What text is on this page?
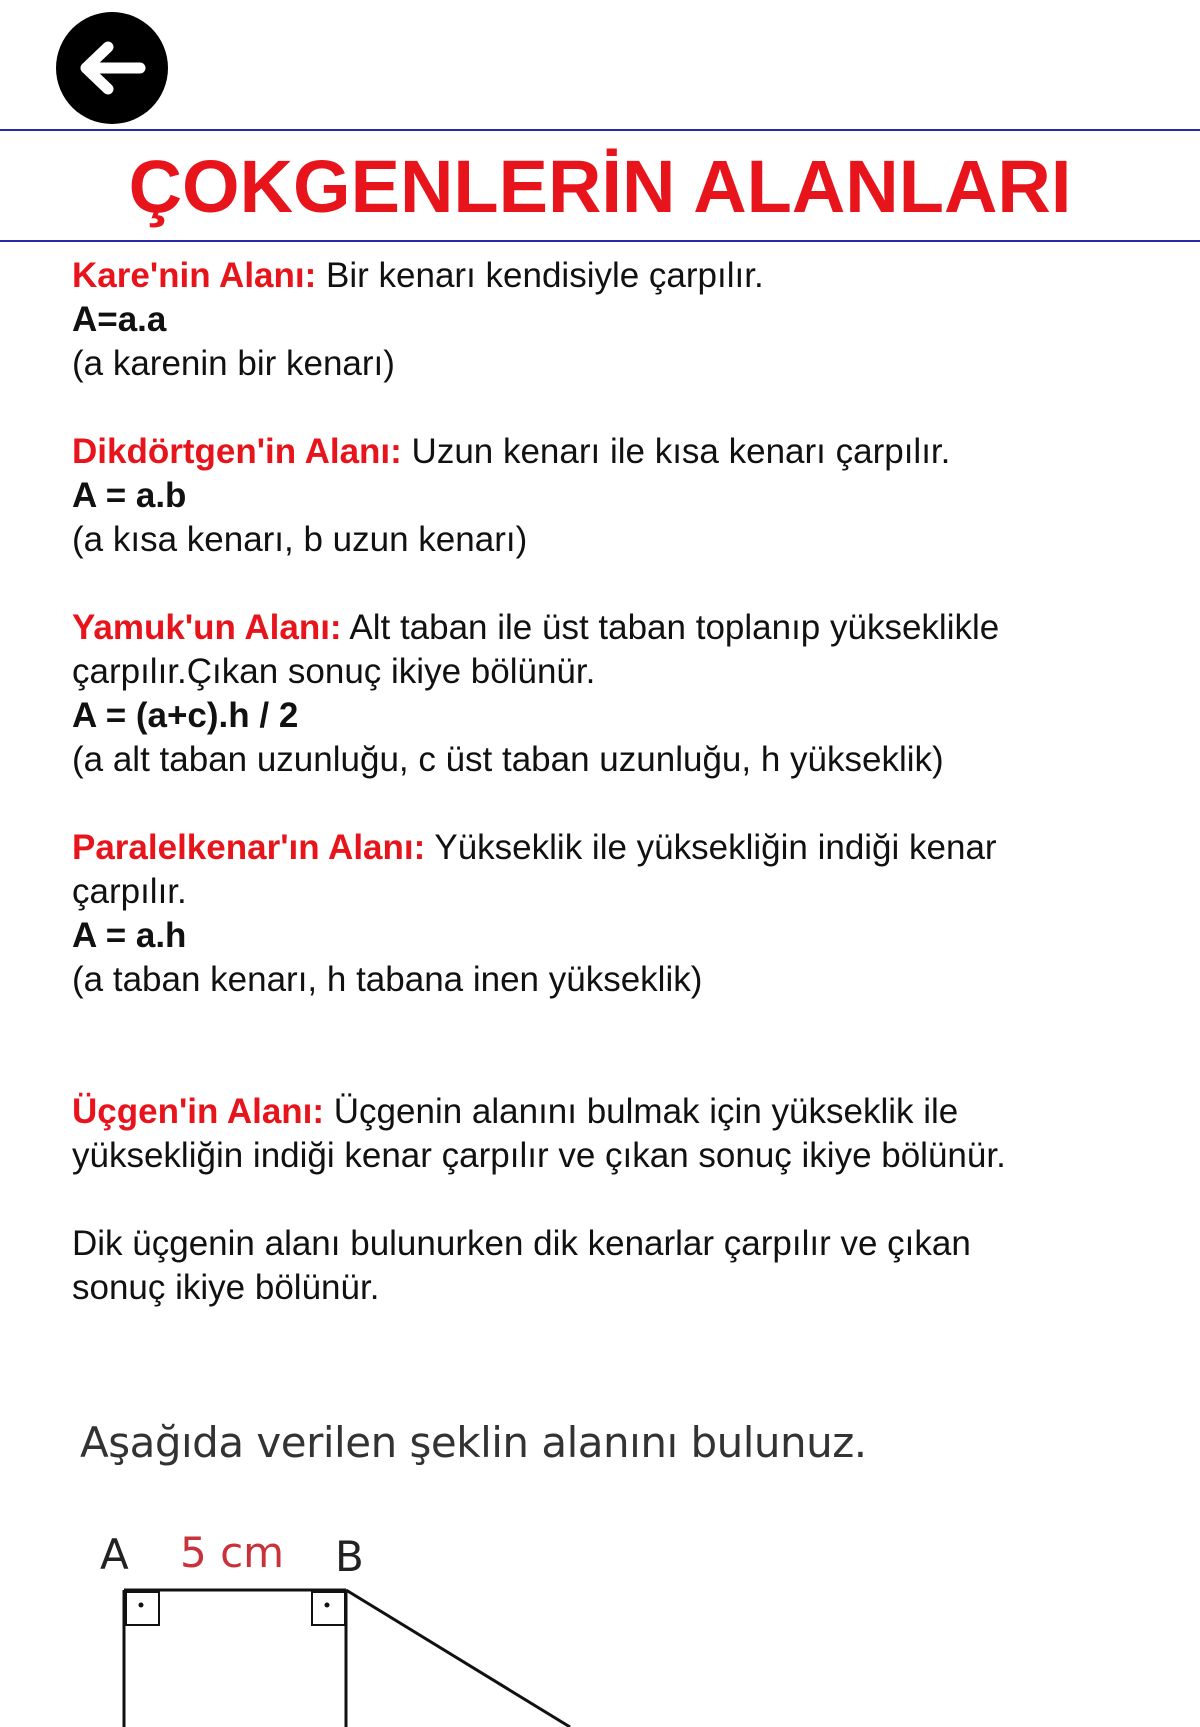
ÇOKGENLERİN ALANLARI

Kare'nin Alanı: Bir kenarı kendisiyle çarpılır.

A=a.a

(a karenin bir kenarı)

Dikdörtgen'in Alanı: Uzun kenarı ile kısa kenarı çarpılır.

A = a.b

(a kısa kenarı, b uzun kenarı)

Yamuk'un Alanı: Alt taban ile üst taban toplanıp yükseklikle çarpılır.Çıkan sonuç ikiye bölünür.

A = (a+c).h / 2

(a alt taban uzunluğu, c üst taban uzunluğu, h yükseklik)

Paralelkenar'ın Alanı: Yükseklik ile yüksekliğin indiği kenar çarpılır.

A = a.h

(a taban kenarı, h tabana inen yükseklik)

Üçgen'in Alanı: Üçgenin alanını bulmak için yükseklik ile yüksekliğin indiği kenar çarpılır ve çıkan sonuç ikiye bölünür.

Dik üçgenin alanı bulunurken dik kenarlar çarpılır ve çıkan sonuç ikiye bölünür.

Aşağıda verilen şeklin alanını bulunuz.
A 5 cm B
